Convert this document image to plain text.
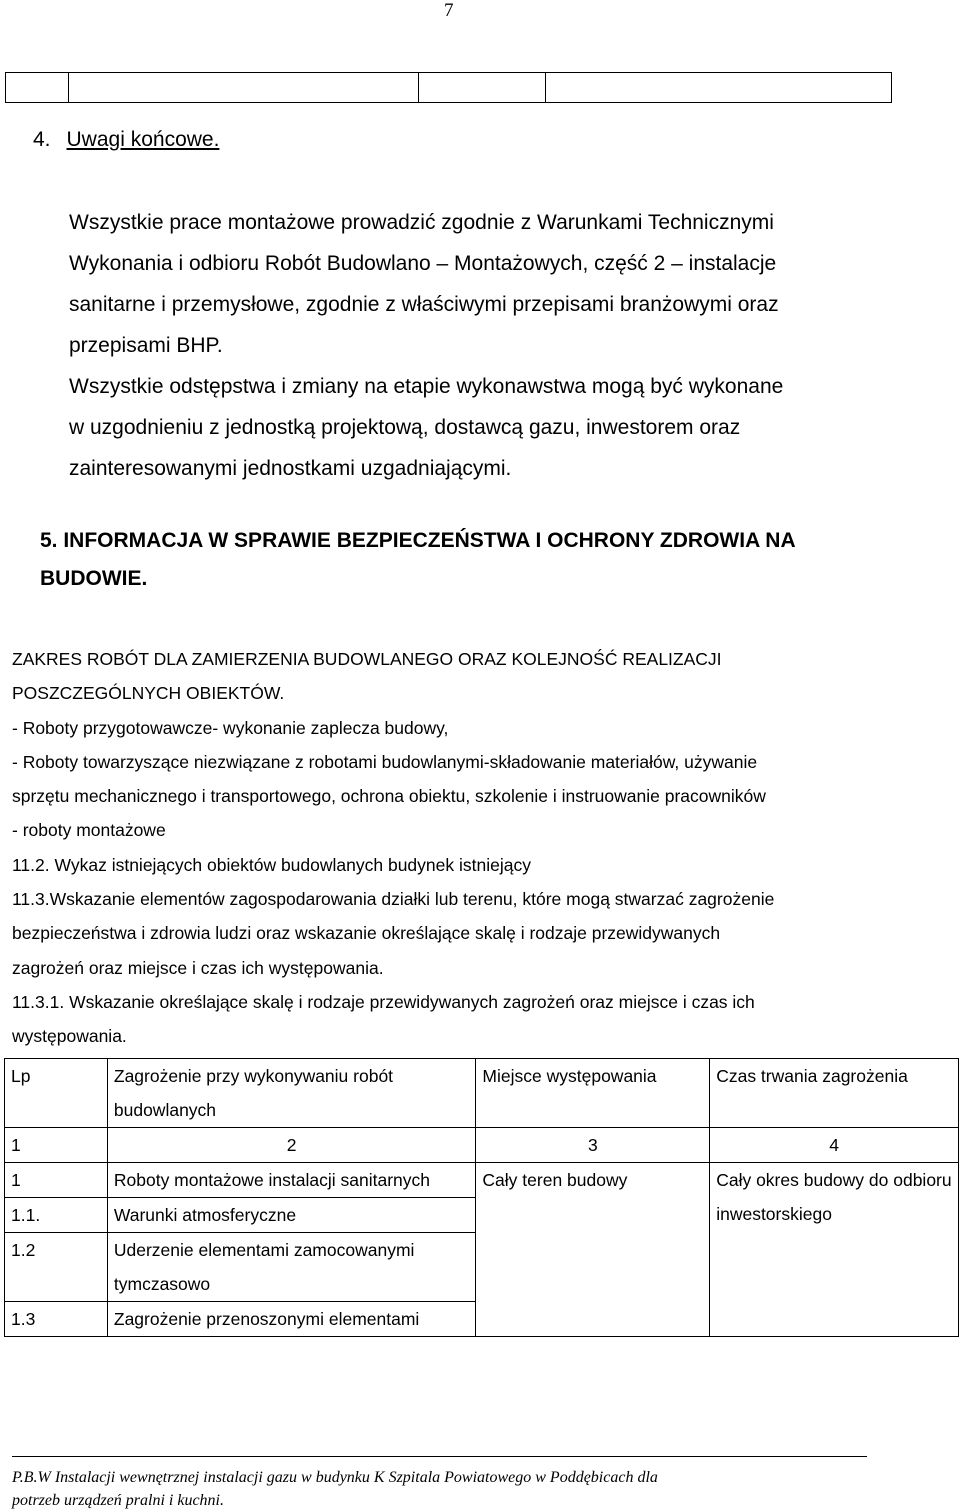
7
4. Uwagi końcowe.

Wszystkie prace montażowe prowadzić zgodnie z Warunkami Technicznymi

Wykonania i odbioru Robót Budowlano – Montażowych, część 2 – instalacje

sanitarne i przemysłowe, zgodnie z właściwymi przepisami branżowymi oraz

przepisami BHP.

Wszystkie odstępstwa i zmiany na etapie wykonawstwa mogą być wykonane

w uzgodnieniu z jednostką projektową, dostawcą gazu, inwestorem oraz

zainteresowanymi jednostkami uzgadniającymi.

5. INFORMACJA W SPRAWIE BEZPIECZEŃSTWA I OCHRONY ZDROWIA NA
BUDOWIE.

ZAKRES ROBÓT DLA ZAMIERZENIA BUDOWLANEGO ORAZ KOLEJNOŚĆ REALIZACJI

POSZCZEGÓLNYCH OBIEKTÓW.

- Roboty przygotowawcze- wykonanie zaplecza budowy,

- Roboty towarzyszące niezwiązane z robotami budowlanymi-składowanie materiałów, używanie

sprzętu mechanicznego i transportowego, ochrona obiektu, szkolenie i instruowanie pracowników

- roboty montażowe

11.2. Wykaz istniejących obiektów budowlanych budynek istniejący

11.3.Wskazanie elementów zagospodarowania działki lub terenu, które mogą stwarzać zagrożenie

bezpieczeństwa i zdrowia ludzi oraz wskazanie określające skalę i rodzaje przewidywanych

zagrożeń oraz miejsce i czas ich występowania.

11.3.1. Wskazanie określające skalę i rodzaje przewidywanych zagrożeń oraz miejsce i czas ich

występowania.

Lp	Zagrożenie przy wykonywaniu robót budowlanych	Miejsce występowania	Czas trwania zagrożenia
1	2	3	4
1	Roboty montażowe instalacji sanitarnych	Cały teren budowy	Cały okres budowy do odbioru inwestorskiego
1.1.	Warunki atmosferyczne		
1.2	Uderzenie elementami zamocowanymi tymczasowo		
1.3	Zagrożenie przenoszonymi elementami		
P.B.W Instalacji wewnętrznej instalacji gazu w budynku K Szpitala Powiatowego w Poddębicach dla
potrzeb urządzeń pralni i kuchni.
